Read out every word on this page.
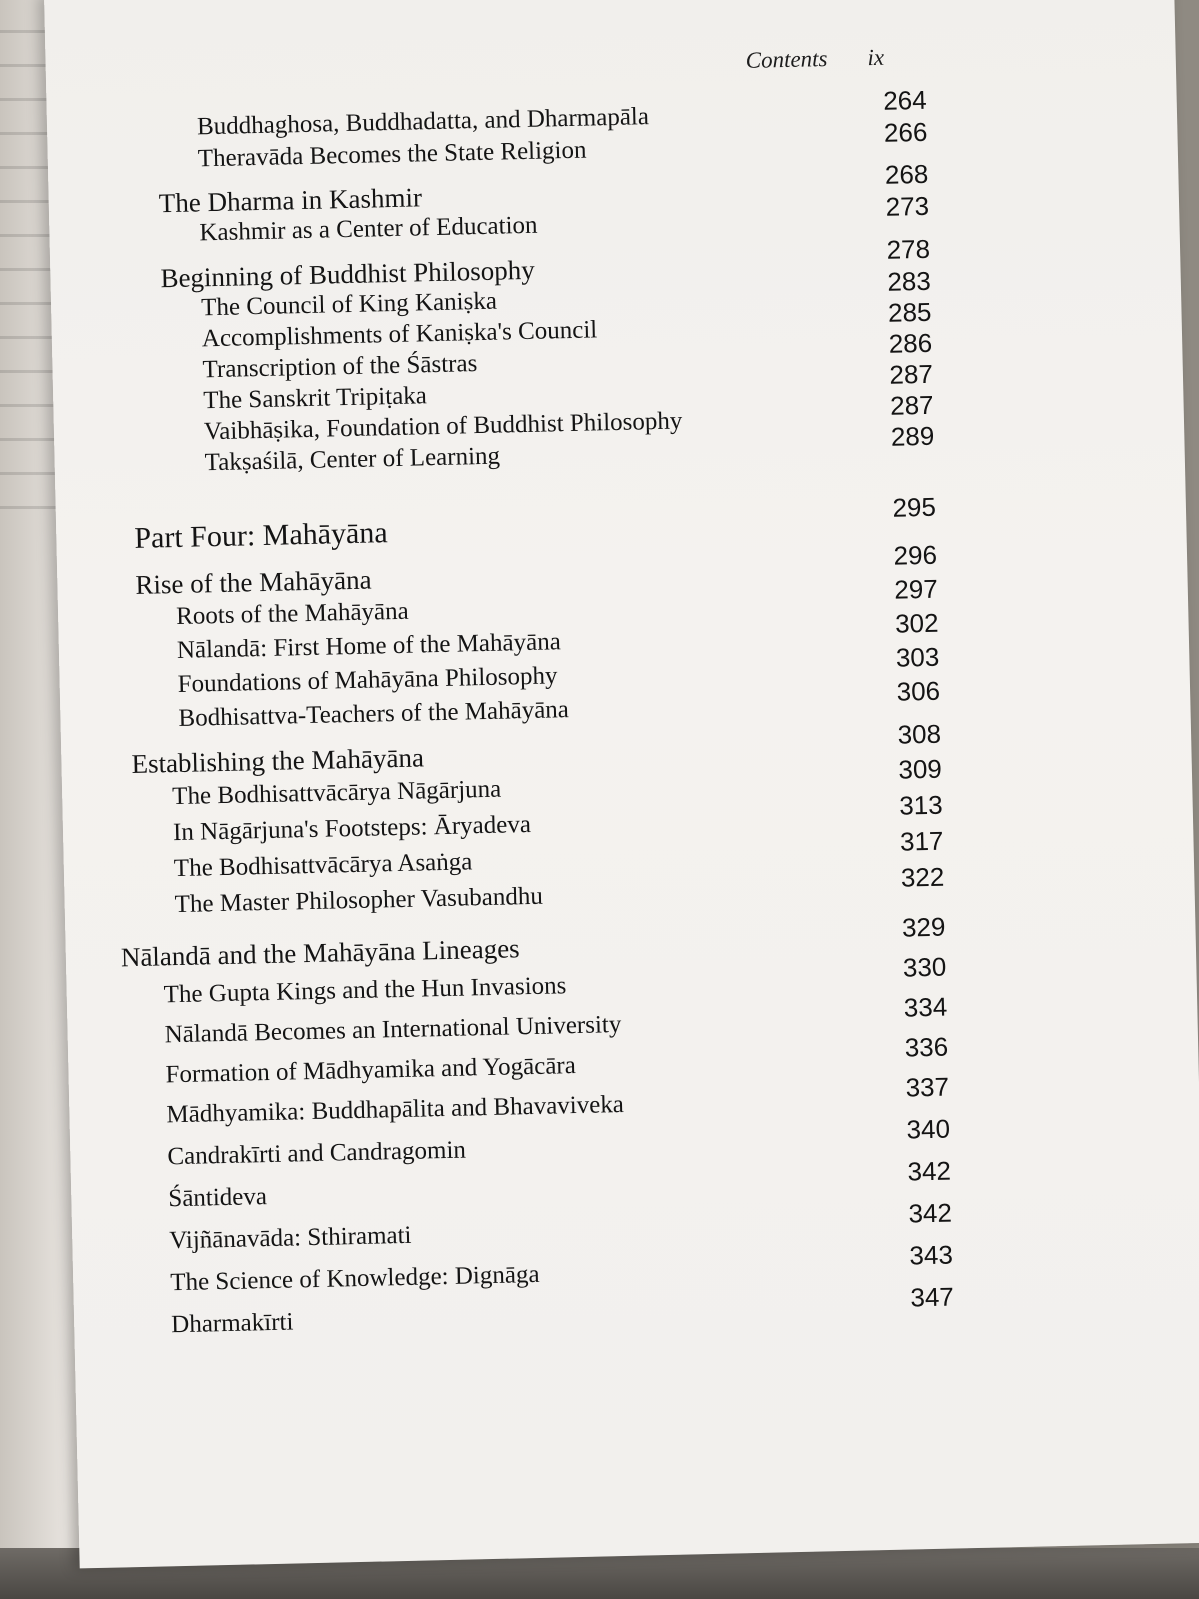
Contents ix
Buddhaghosa, Buddhadatta, and Dharmapāla
264
Theravāda Becomes the State Religion
266
The Dharma in Kashmir
268
Kashmir as a Center of Education
273
Beginning of Buddhist Philosophy
278
The Council of King Kaniṣka
283
Accomplishments of Kaniṣka's Council
285
Transcription of the Śāstras
286
The Sanskrit Tripiṭaka
287
Vaibhāṣika, Foundation of Buddhist Philosophy
287
Takṣaśilā, Center of Learning
289
Part Four: Mahāyāna
295
Rise of the Mahāyāna
296
Roots of the Mahāyāna
297
Nālandā: First Home of the Mahāyāna
302
Foundations of Mahāyāna Philosophy
303
Bodhisattva-Teachers of the Mahāyāna
306
Establishing the Mahāyāna
308
The Bodhisattvācārya Nāgārjuna
309
In Nāgārjuna's Footsteps: Āryadeva
313
The Bodhisattvācārya Asaṅga
317
The Master Philosopher Vasubandhu
322
Nālandā and the Mahāyāna Lineages
329
The Gupta Kings and the Hun Invasions
330
Nālandā Becomes an International University
334
Formation of Mādhyamika and Yogācāra
336
Mādhyamika: Buddhapālita and Bhavaviveka
337
Candrakīrti and Candragomin
340
Śāntideva
342
Vijñānavāda: Sthiramati
342
The Science of Knowledge: Dignāga
343
Dharmakīrti
347
